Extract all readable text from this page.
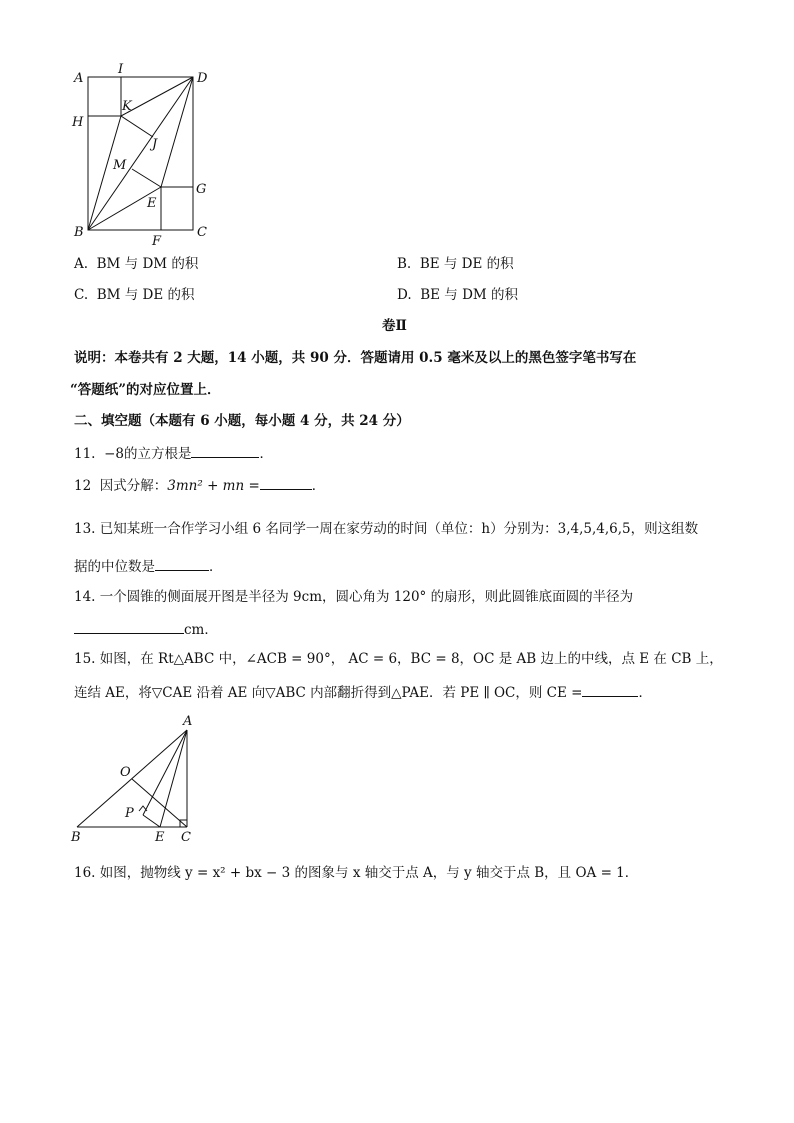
A
I
D
K
H
J
M
G
E
B
F
C
A. BM 与 DM 的积	B. BE 与 DE 的积
C. BM 与 DE 的积	D. BE 与 DM 的积
卷Ⅱ
说明：本卷共有 2 大题，14 小题，共 90 分．答题请用 0.5 毫米及以上的黑色签字笔书写在
“答题纸”的对应位置上．
二、填空题（本题有 6 小题，每小题 4 分，共 24 分）
11. −8的立方根是	．
12 因式分解：3mn² + mn =	．
13. 已知某班一合作学习小组 6 名同学一周在家劳动的时间（单位：h）分别为：3,4,5,4,6,5，则这组数
据的中位数是	．
14. 一个圆锥的侧面展开图是半径为 9cm，圆心角为 120° 的扇形，则此圆锥底面圆的半径为
cm．
15. 如图，在 Rt△ABC 中，∠ACB = 90°， AC = 6，BC = 8，OC 是 AB 边上的中线，点 E 在 CB 上，
连结 AE，将▽CAE 沿着 AE 向▽ABC 内部翻折得到△PAE．若 PE ∥ OC，则 CE =	．
A
O
P
B	E C
16. 如图，抛物线 y = x² + bx − 3 的图象与 x 轴交于点 A，与 y 轴交于点 B，且 OA = 1．
